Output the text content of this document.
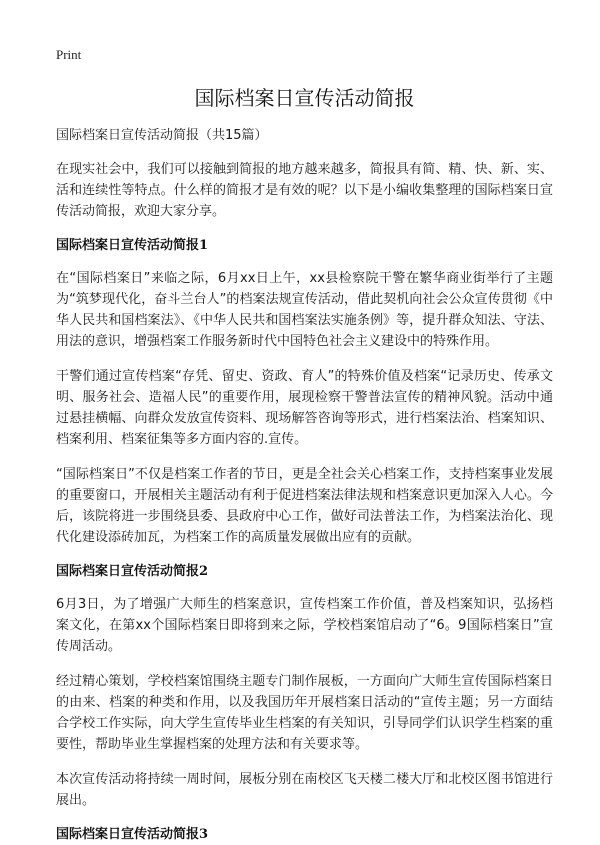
Print
国际档案日宣传活动简报
国际档案日宣传活动简报（共15篇）
在现实社会中，我们可以接触到简报的地方越来越多，简报具有简、精、快、新、实、活和连续性等特点。什么样的简报才是有效的呢？以下是小编收集整理的国际档案日宣传活动简报，欢迎大家分享。
国际档案日宣传活动简报1
在“国际档案日”来临之际，6月xx日上午，xx县检察院干警在繁华商业街举行了主题为“筑梦现代化，奋斗兰台人”的档案法规宣传活动，借此契机向社会公众宣传贯彻《中华人民共和国档案法》、《中华人民共和国档案法实施条例》等，提升群众知法、守法、用法的意识，增强档案工作服务新时代中国特色社会主义建设中的特殊作用。
干警们通过宣传档案“存凭、留史、资政、育人”的特殊价值及档案“记录历史、传承文明、服务社会、造福人民”的重要作用，展现检察干警普法宣传的精神风貌。活动中通过悬挂横幅、向群众发放宣传资料、现场解答咨询等形式，进行档案法治、档案知识、档案利用、档案征集等多方面内容的.宣传。
“国际档案日”不仅是档案工作者的节日，更是全社会关心档案工作，支持档案事业发展的重要窗口，开展相关主题活动有利于促进档案法律法规和档案意识更加深入人心。今后，该院将进一步围绕县委、县政府中心工作，做好司法普法工作，为档案法治化、现代化建设添砖加瓦，为档案工作的高质量发展做出应有的贡献。
国际档案日宣传活动简报2
6月3日，为了增强广大师生的档案意识，宣传档案工作价值，普及档案知识，弘扬档案文化，在第xx个国际档案日即将到来之际，学校档案馆启动了“6。9国际档案日”宣传周活动。
经过精心策划，学校档案馆围绕主题专门制作展板，一方面向广大师生宣传国际档案日的由来、档案的种类和作用，以及我国历年开展档案日活动的“宣传主题；另一方面结合学校工作实际，向大学生宣传毕业生档案的有关知识，引导同学们认识学生档案的重要性，帮助毕业生掌握档案的处理方法和有关要求等。
本次宣传活动将持续一周时间，展板分别在南校区飞天楼二楼大厅和北校区图书馆进行展出。
国际档案日宣传活动简报3
